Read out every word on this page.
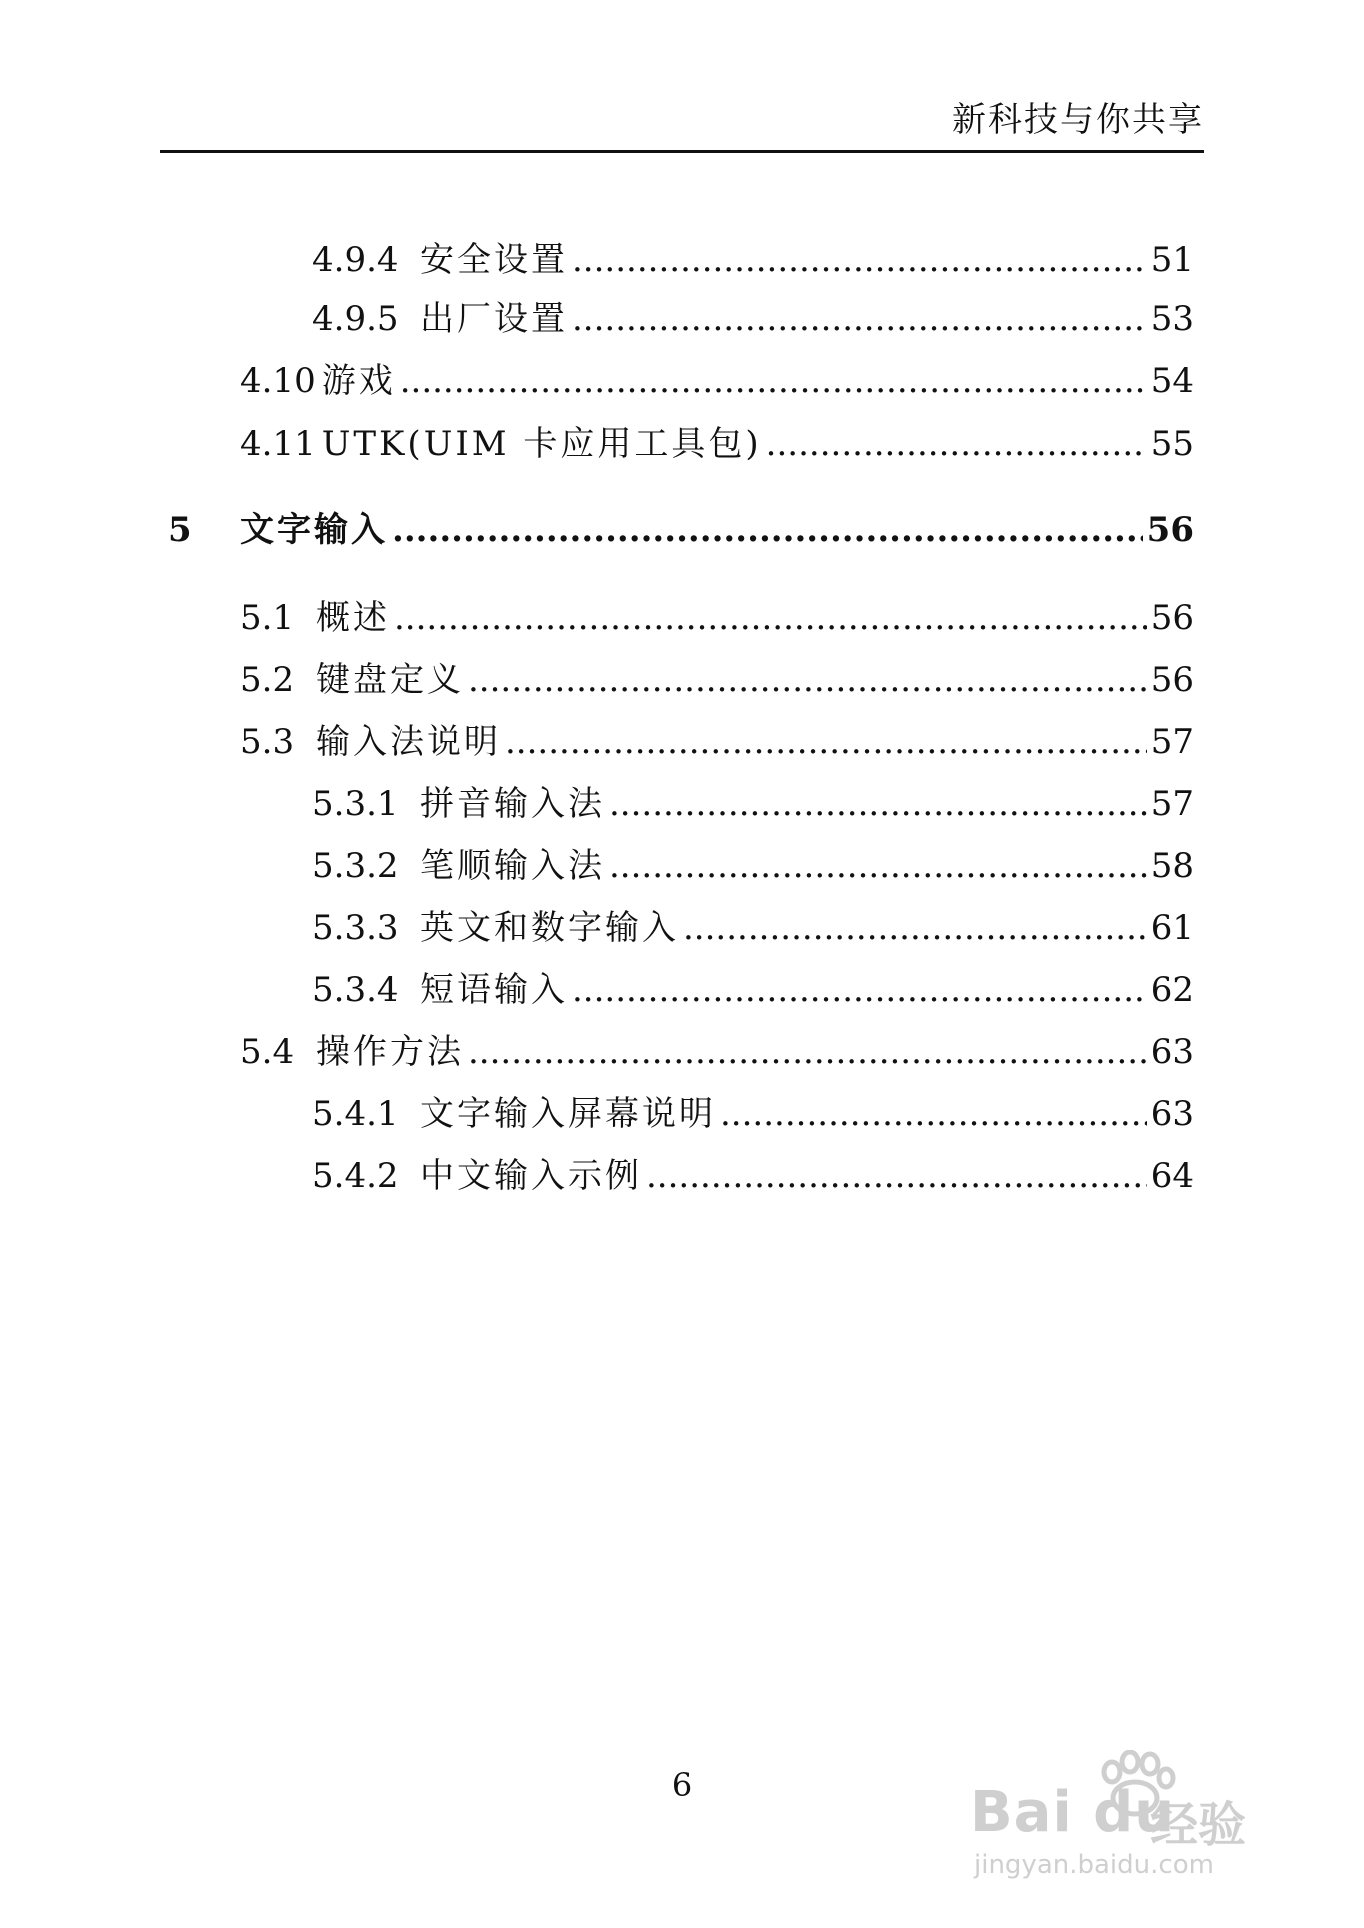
新科技与你共享
4.9.4 安全设置 .....	51
4.9.5 出厂设置 .....	53
4.10 游戏 .....	54
4.11 UTK(UIM 卡应用工具包) .....	55
5	文字输入 .....	56
5.1 概述 .....	56
5.2 键盘定义 .....	56
5.3 输入法说明 .....	57
5.3.1 拼音输入法 .....	57
5.3.2 笔顺输入法 .....	58
5.3.3 英文和数字输入 .....	61
5.3.4 短语输入 .....	62
5.4 操作方法 .....	63
5.4.1 文字输入屏幕说明 .....	63
5.4.2 中文输入示例 .....	64
6	Bai du
经验
jingyan.baidu.com
